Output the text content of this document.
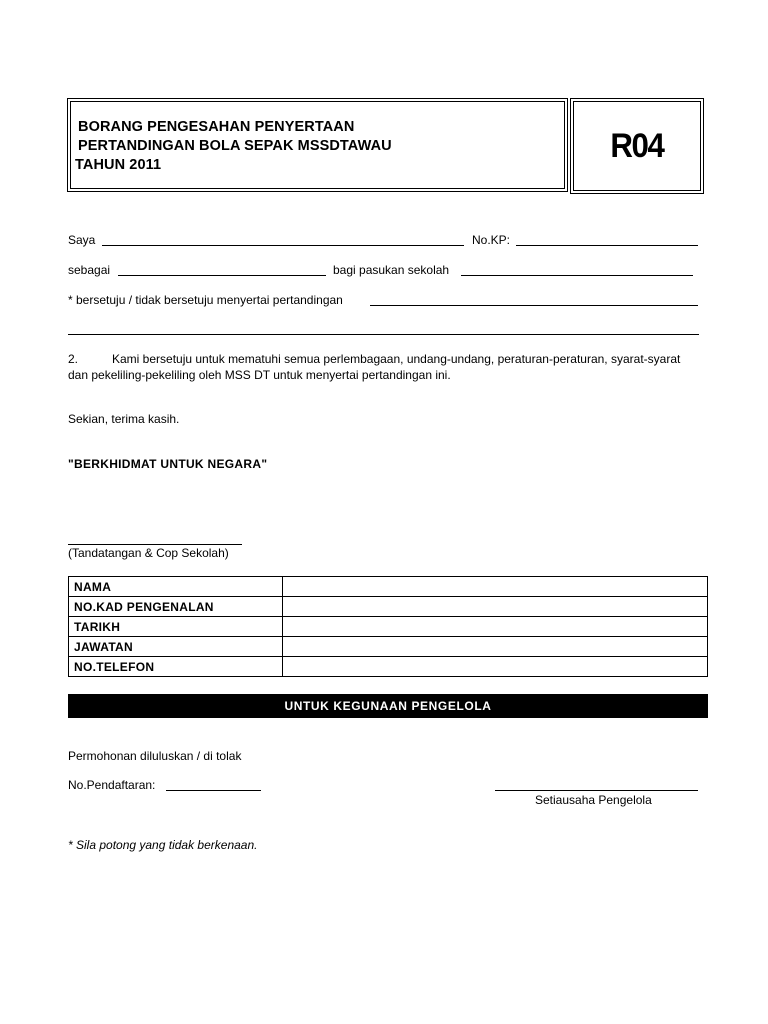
BORANG PENGESAHAN PENYERTAAN
PERTANDINGAN BOLA SEPAK MSSDTAWAU
TAHUN 2011
R04
Saya	No.KP:
sebagai	bagi pasukan sekolah
* bersetuju / tidak bersetuju menyertai pertandingan
2.	Kami bersetuju untuk mematuhi semua perlembagaan, undang-undang, peraturan-peraturan, syarat-syarat dan pekeliling-pekeliling oleh MSS DT untuk menyertai pertandingan ini.
Sekian, terima kasih.
"BERKHIDMAT UNTUK NEGARA"
(Tandatangan & Cop Sekolah)
NAMA	
NO.KAD PENGENALAN	
TARIKH	
JAWATAN	
NO.TELEFON	
UNTUK KEGUNAAN PENGELOLA
Permohonan diluluskan / di tolak
No.Pendaftaran:
Setiausaha Pengelola
* Sila potong yang tidak berkenaan.
